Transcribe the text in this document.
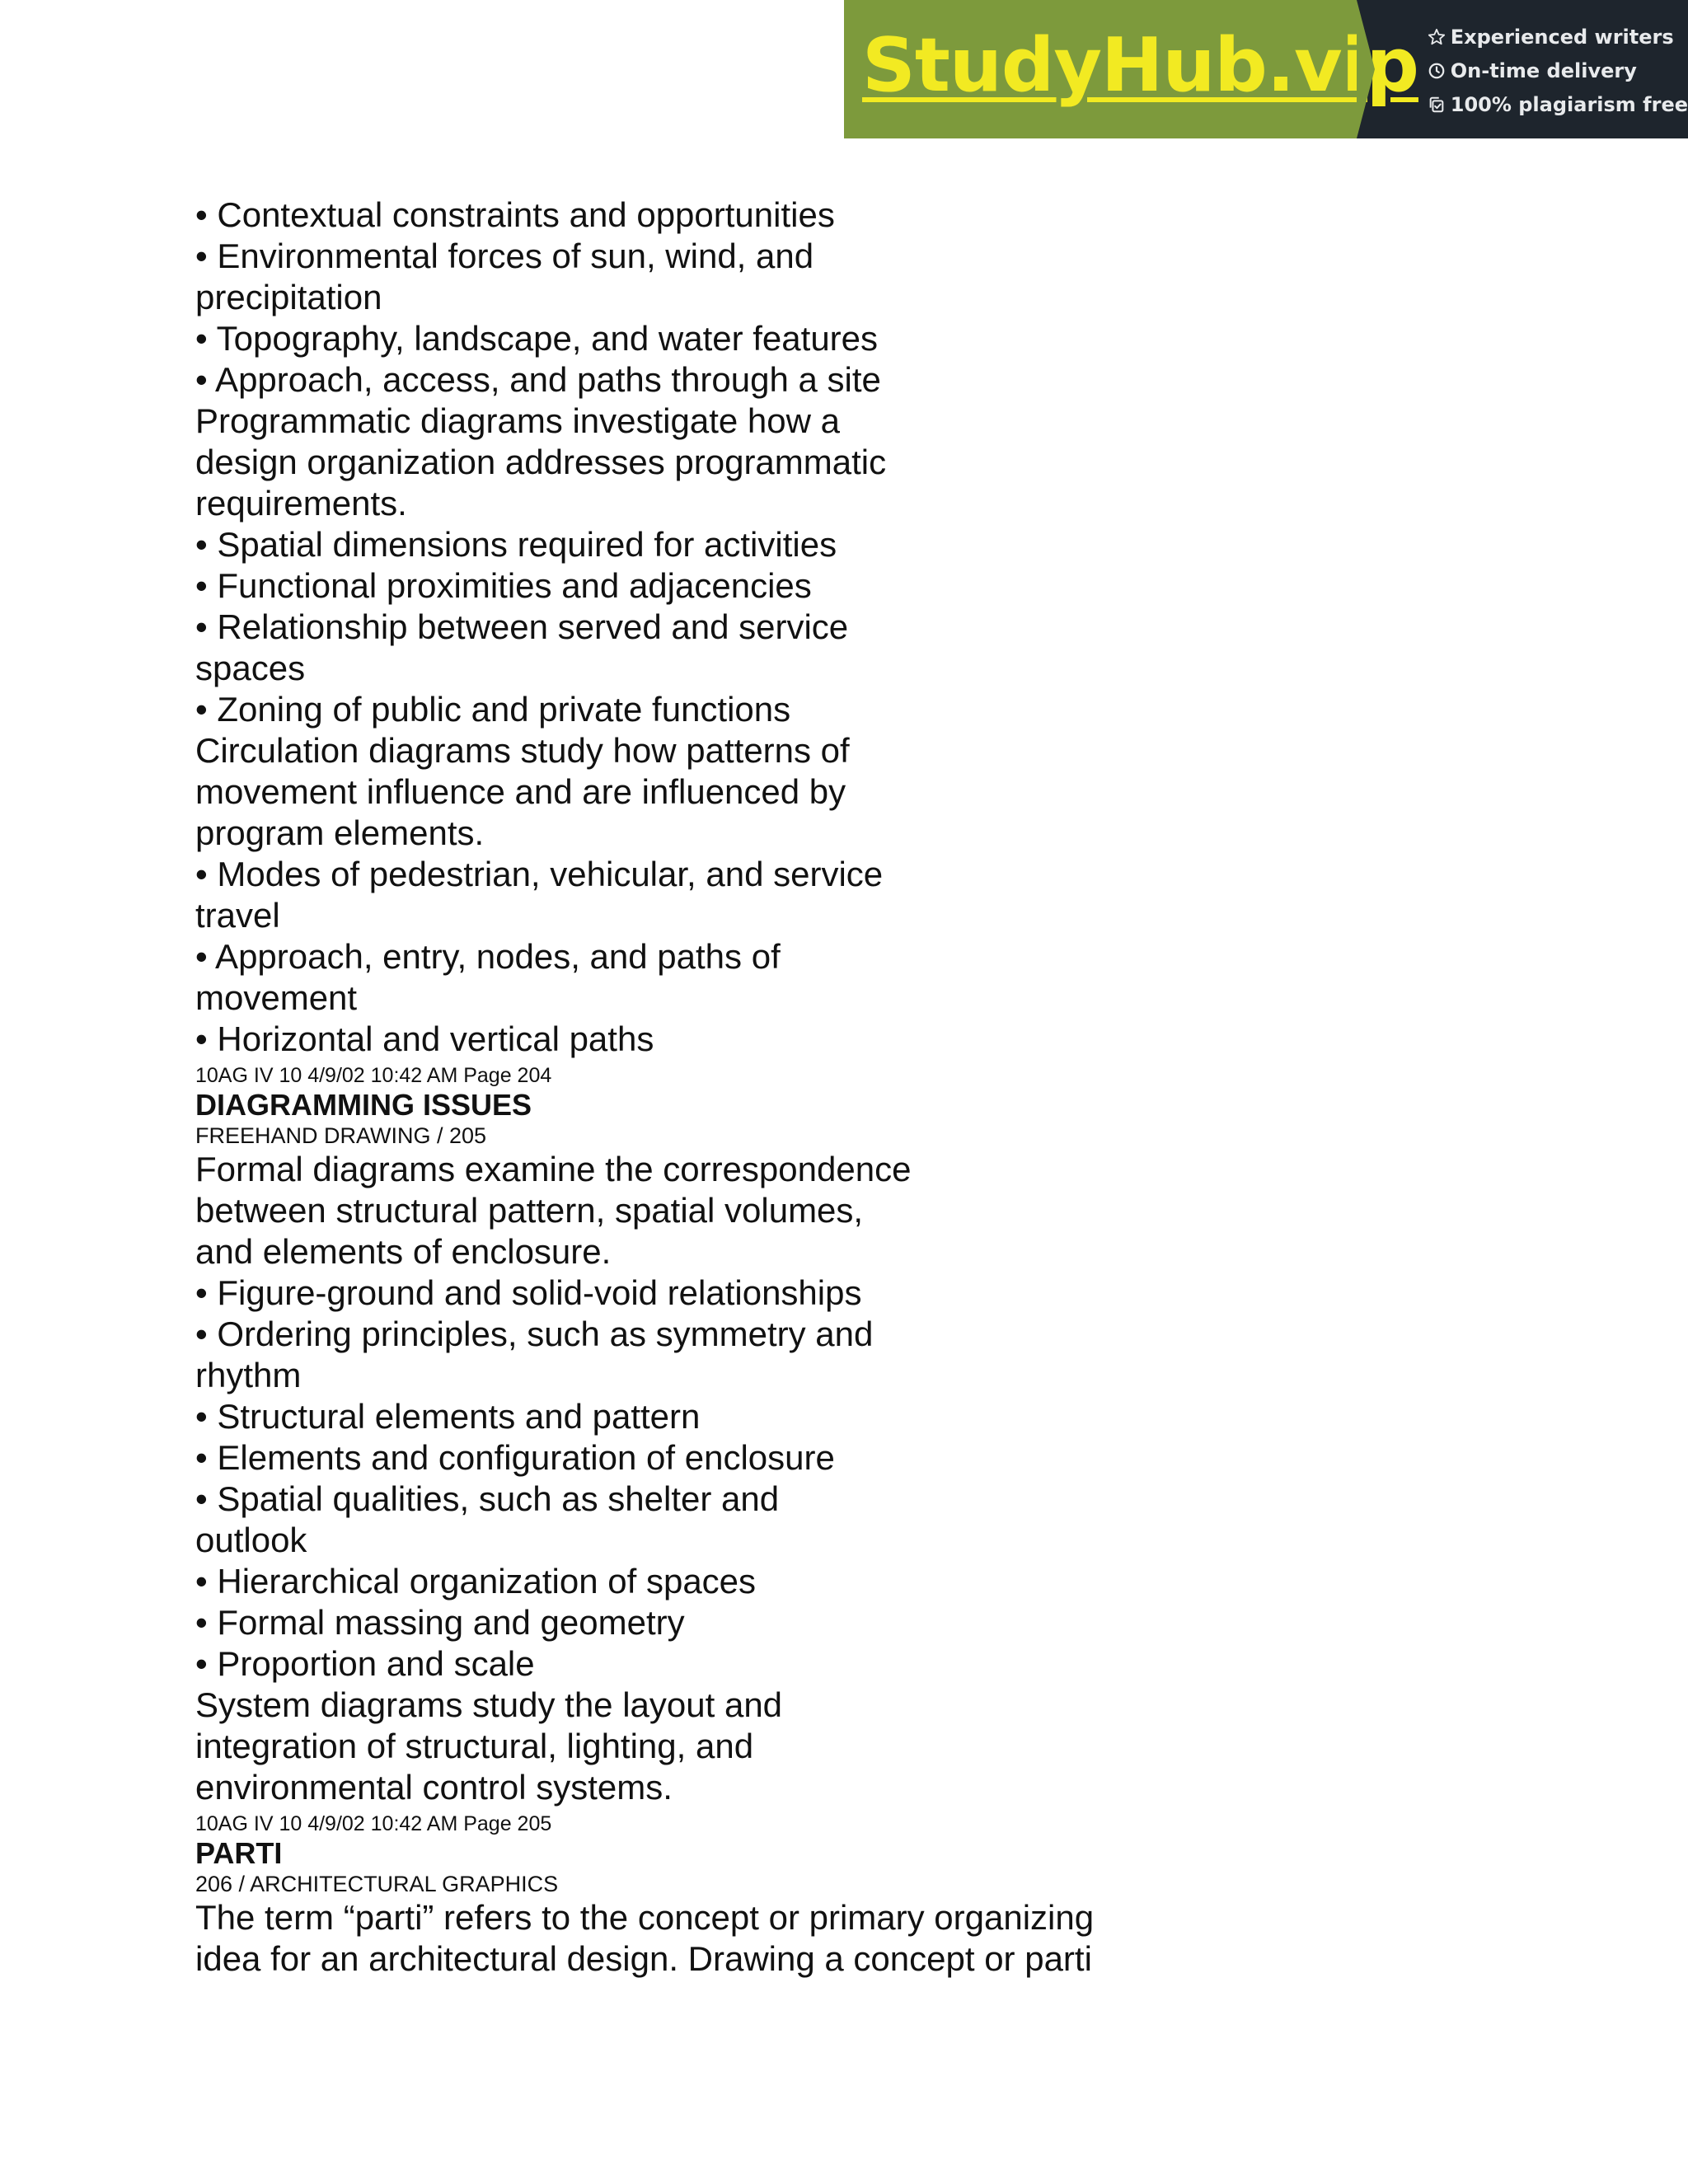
StudyHub.vip Experienced writers
On-time delivery
100% plagiarism free
• Contextual constraints and opportunities
• Environmental forces of sun, wind, and
precipitation
• Topography, landscape, and water features
• Approach, access, and paths through a site
Programmatic diagrams investigate how a
design organization addresses programmatic
requirements.
• Spatial dimensions required for activities
• Functional proximities and adjacencies
• Relationship between served and service
spaces
• Zoning of public and private functions
Circulation diagrams study how patterns of
movement influence and are influenced by
program elements.
• Modes of pedestrian, vehicular, and service
travel
• Approach, entry, nodes, and paths of
movement
• Horizontal and vertical paths
10AG IV 10 4/9/02 10:42 AM Page 204
DIAGRAMMING ISSUES
FREEHAND DRAWING / 205
Formal diagrams examine the correspondence
between structural pattern, spatial volumes,
and elements of enclosure.
• Figure-ground and solid-void relationships
• Ordering principles, such as symmetry and
rhythm
• Structural elements and pattern
• Elements and configuration of enclosure
• Spatial qualities, such as shelter and
outlook
• Hierarchical organization of spaces
• Formal massing and geometry
• Proportion and scale
System diagrams study the layout and
integration of structural, lighting, and
environmental control systems.
10AG IV 10 4/9/02 10:42 AM Page 205
PARTI
206 / ARCHITECTURAL GRAPHICS
The term “parti” refers to the concept or primary organizing
idea for an architectural design. Drawing a concept or parti
